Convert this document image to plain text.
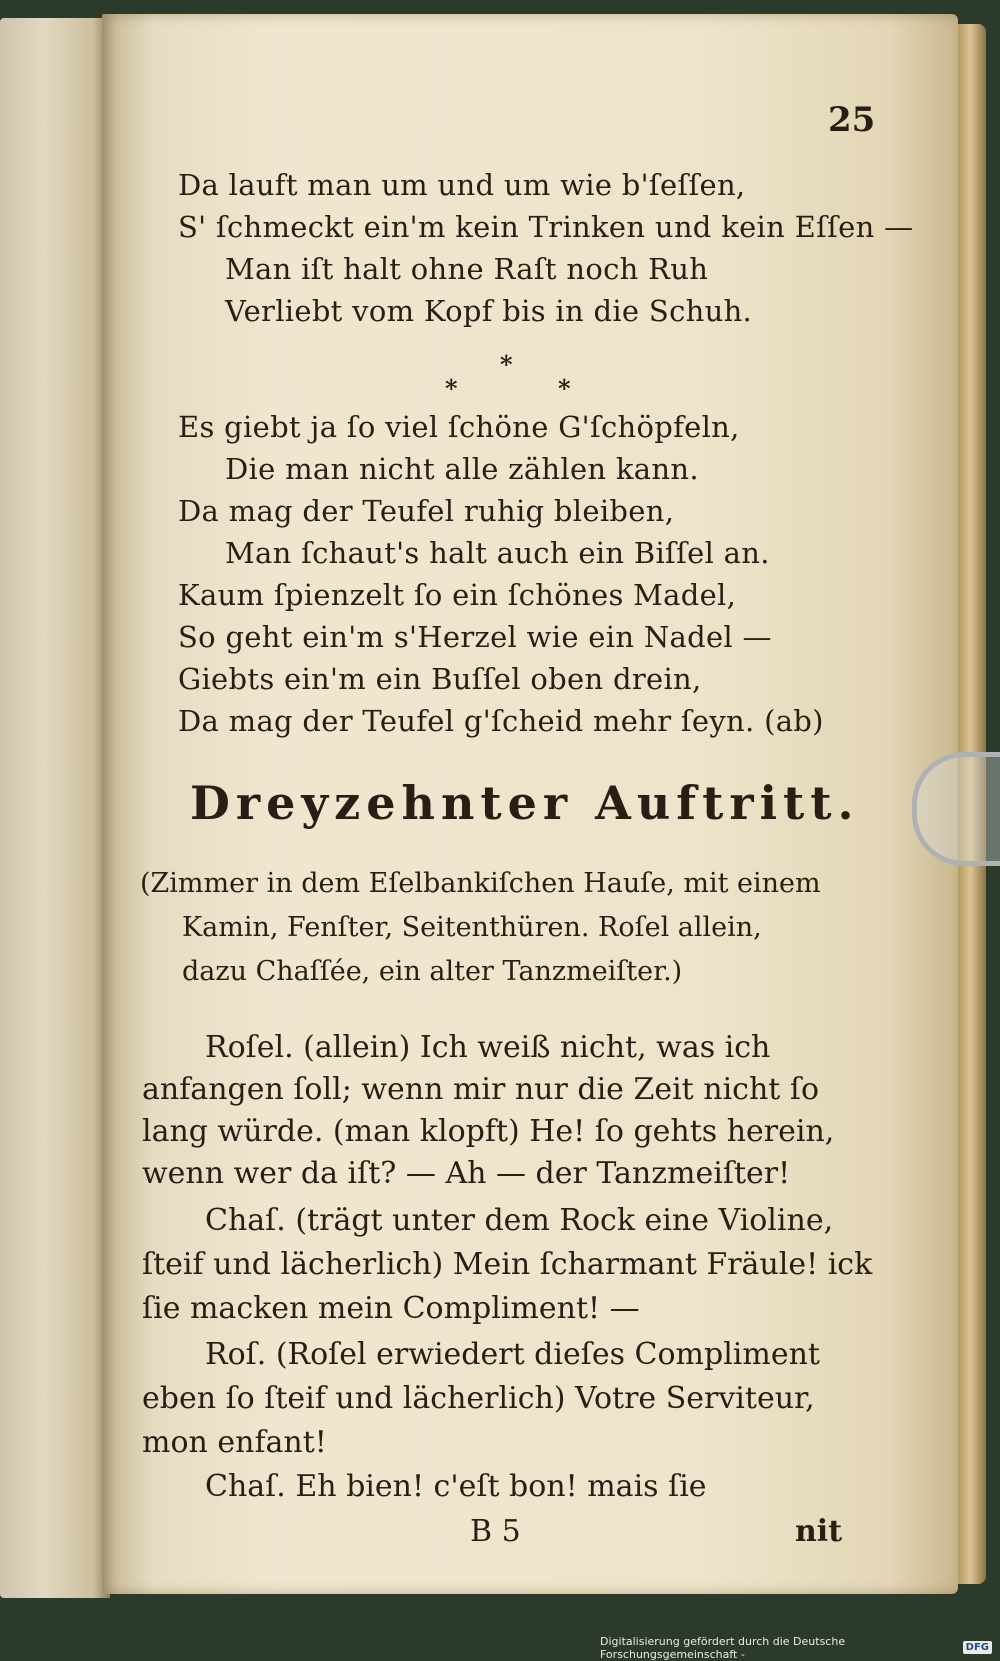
25
Da lauft man um und um wie b'ſeſſen,
S' ſchmeckt ein'm kein Trinken und kein Eſſen —
Man iſt halt ohne Raſt noch Ruh
Verliebt vom Kopf bis in die Schuh.
*
*	*
Es giebt ja ſo viel ſchöne G'ſchöpfeln,
Die man nicht alle zählen kann.
Da mag der Teufel ruhig bleiben,
Man ſchaut's halt auch ein Biſſel an.
Kaum ſpienzelt ſo ein ſchönes Madel,
So geht ein'm s'Herzel wie ein Nadel —
Giebts ein'm ein Buſſel oben drein,
Da mag der Teufel g'ſcheid mehr ſeyn. (ab)
Dreyzehnter Auftritt.
(Zimmer in dem Eſelbankiſchen Hauſe, mit einem
Kamin, Fenſter, Seitenthüren. Roſel allein,
dazu Chaſſée, ein alter Tanzmeiſter.)
Roſel. (allein) Ich weiß nicht, was ich
anfangen ſoll; wenn mir nur die Zeit nicht ſo
lang würde. (man klopft) He! ſo gehts herein,
wenn wer da iſt? — Ah — der Tanzmeiſter!
Chaſ. (trägt unter dem Rock eine Violine,
ſteif und lächerlich) Mein ſcharmant Fräule! ick
ſie macken mein Compliment! —
Roſ. (Roſel erwiedert dieſes Compliment
eben ſo ſteif und lächerlich) Votre Serviteur,
mon enfant!
Chaſ. Eh bien! c'eſt bon! mais ſie
B 5	nit
Digitalisierung gefördert durch die Deutsche Forschungsgemeinschaft -	DFG
